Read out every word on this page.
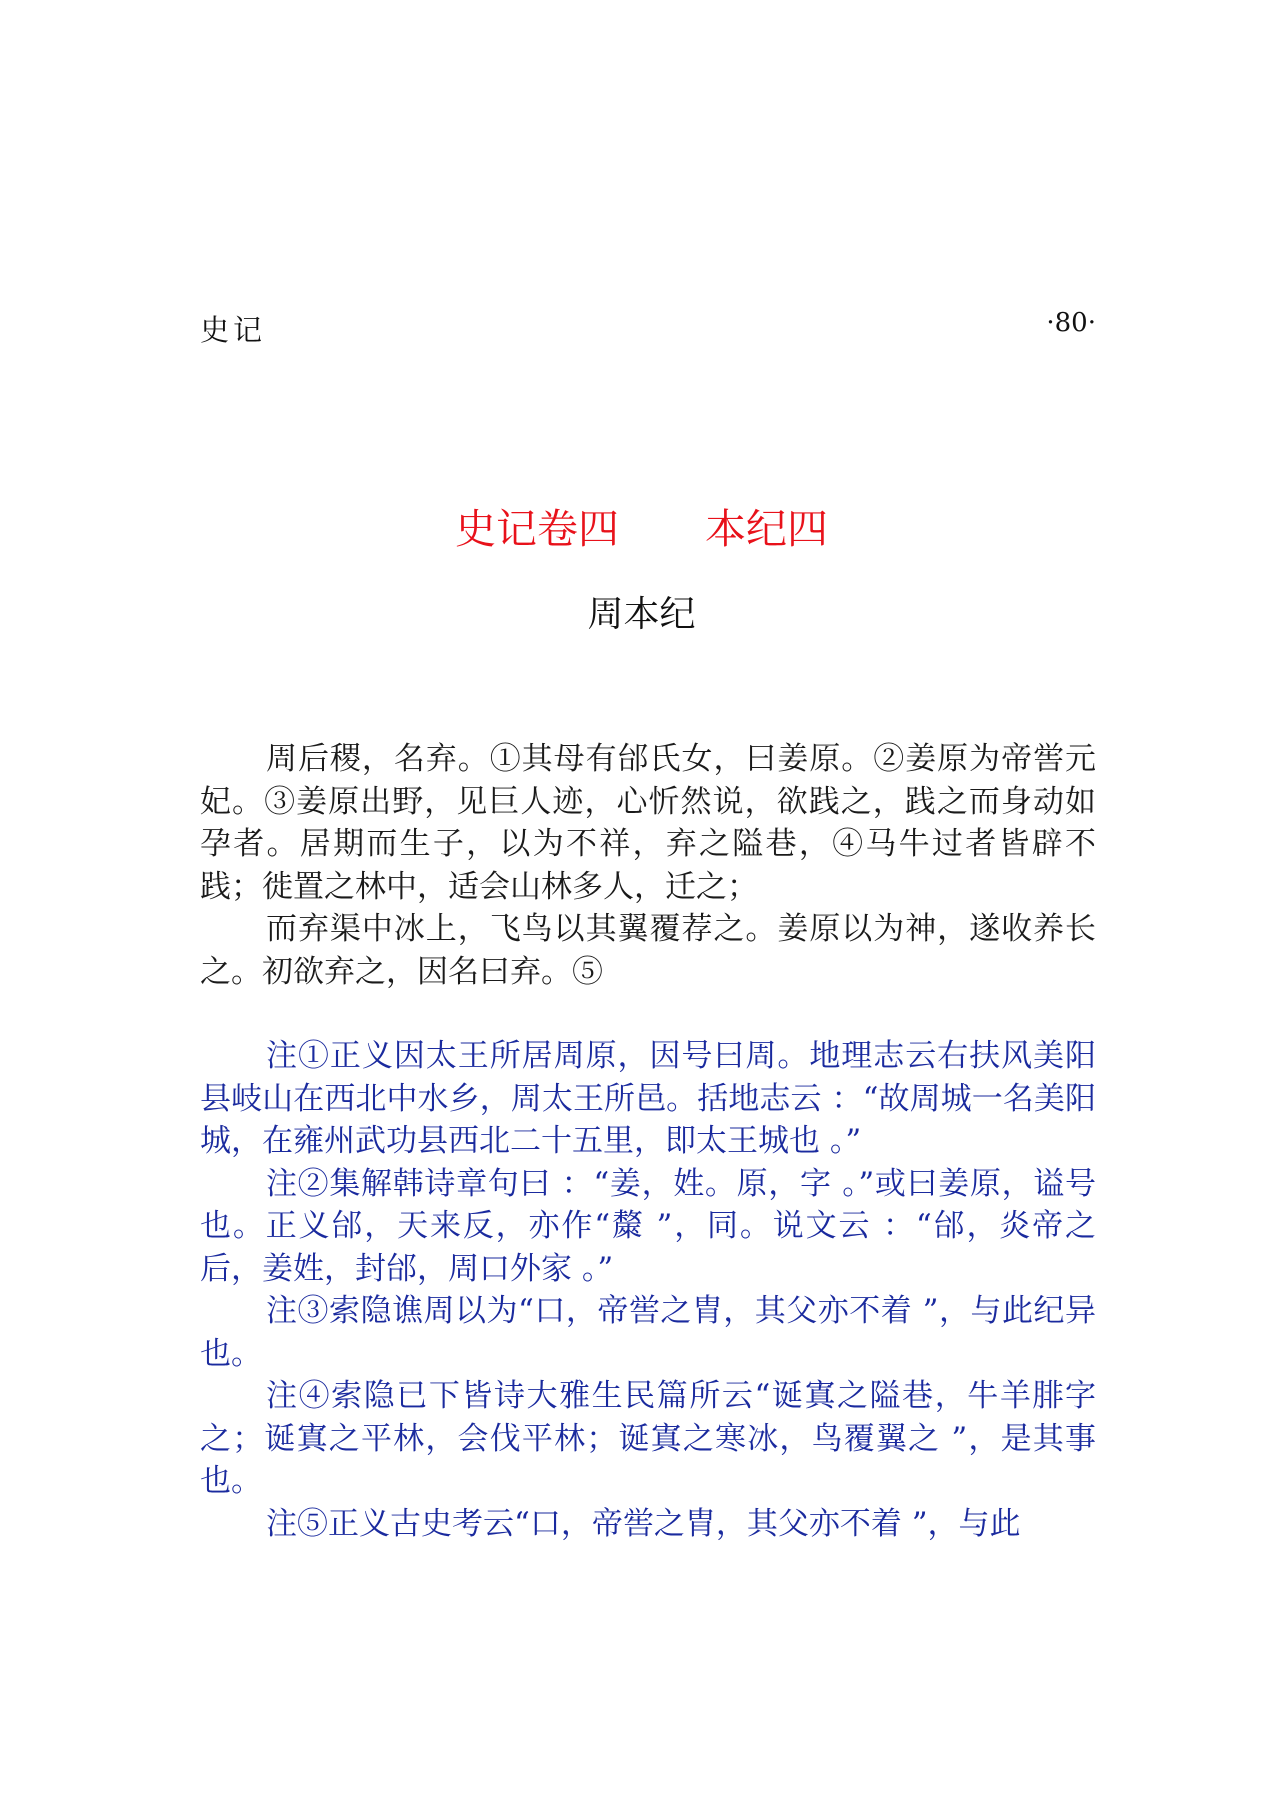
史记	·80·
史记卷四 本纪四
周本纪

周后稷，名弃。①其母有邰氏女，曰姜原。②姜原为帝喾元妃。③姜原出野，见巨人迹，心忻然说，欲践之，践之而身动如孕者。居期而生子，以为不祥，弃之隘巷，④马牛过者皆辟不践；徙置之林中，适会山林多人，迁之；

而弃渠中冰上，飞鸟以其翼覆荐之。姜原以为神，遂收养长之。初欲弃之，因名曰弃。⑤

注①正义因太王所居周原，因号曰周。地理志云右扶风美阳县岐山在西北中水乡，周太王所邑。括地志云 ：“故周城一名美阳城，在雍州武功县西北二十五里，即太王城也 。”

注②集解韩诗章句曰 ：“姜，姓。原，字 。”或曰姜原，谥号也。正义邰，天来反，亦作“斄 ”，同。说文云 ：“邰，炎帝之后，姜姓，封邰，周口外家 。”

注③索隐谯周以为“口，帝喾之胄，其父亦不着 ”，与此纪异也。

注④索隐已下皆诗大雅生民篇所云“诞寘之隘巷，牛羊腓字之；诞寘之平林，会伐平林；诞寘之寒冰，鸟覆翼之 ”，是其事也。

注⑤正义古史考云“口，帝喾之胄，其父亦不着 ”，与此
